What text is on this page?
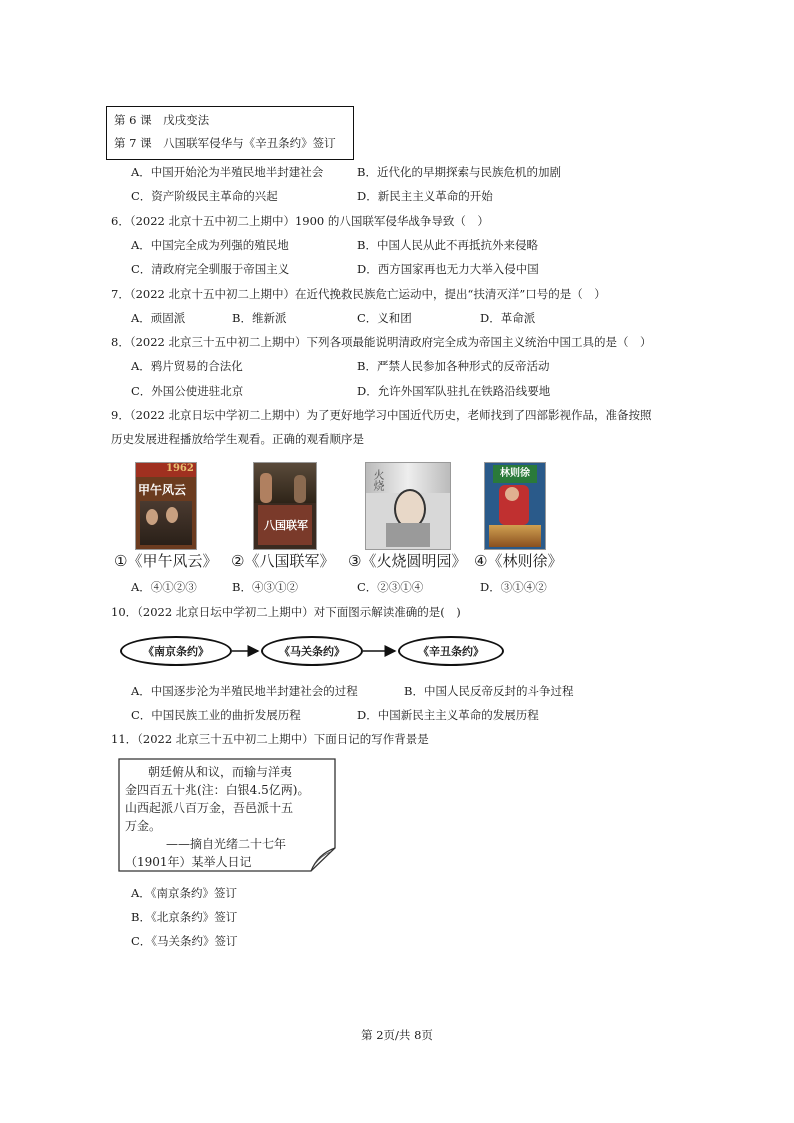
第 6 课　戊戌变法
第 7 课　八国联军侵华与《辛丑条约》签订
A．中国开始沦为半殖民地半封建社会	B．近代化的早期探索与民族危机的加剧
C．资产阶级民主革命的兴起	D．新民主主义革命的开始
6．（2022 北京十五中初二上期中）1900 的八国联军侵华战争导致（　）
A．中国完全成为列强的殖民地	B．中国人民从此不再抵抗外来侵略
C．清政府完全驯服于帝国主义	D．西方国家再也无力大举入侵中国
7．（2022 北京十五中初二上期中）在近代挽救民族危亡运动中，提出“扶清灭洋”口号的是（　）
A．顽固派	B．维新派	C．义和团	D．革命派
8．（2022 北京三十五中初二上期中）下列各项最能说明清政府完全成为帝国主义统治中国工具的是（　）
A．鸦片贸易的合法化	B．严禁人民参加各种形式的反帝活动
C．外国公使进驻北京	D．允许外国军队驻扎在铁路沿线要地
9．（2022 北京日坛中学初二上期中）为了更好地学习中国近代历史，老师找到了四部影视作品，准备按照
历史发展进程播放给学生观看。正确的观看顺序是
1962
甲午风云
八国联军
火烧	林则徐
①《甲午风云》 ②《八国联军》 ③《火烧圆明园》 ④《林则徐》
A．④①②③	B．④③①②	C．②③①④	D．③①④②
10．（2022 北京日坛中学初二上期中）对下面图示解读准确的是(　)
《南京条约》	《马关条约》	《辛丑条约》
A．中国逐步沦为半殖民地半封建社会的过程	B．中国人民反帝反封的斗争过程
C．中国民族工业的曲折发展历程	D．中国新民主主义革命的发展历程
11．（2022 北京三十五中初二上期中）下面日记的写作背景是
朝廷俯从和议，而输与洋夷
金四百五十兆(注：白银4.5亿两)。
山西起派八百万金，吾邑派十五
万金。
——摘自光绪二十七年
（1901年）某举人日记
A．《南京条约》签订
B．《北京条约》签订
C．《马关条约》签订
第 2页/共 8页
